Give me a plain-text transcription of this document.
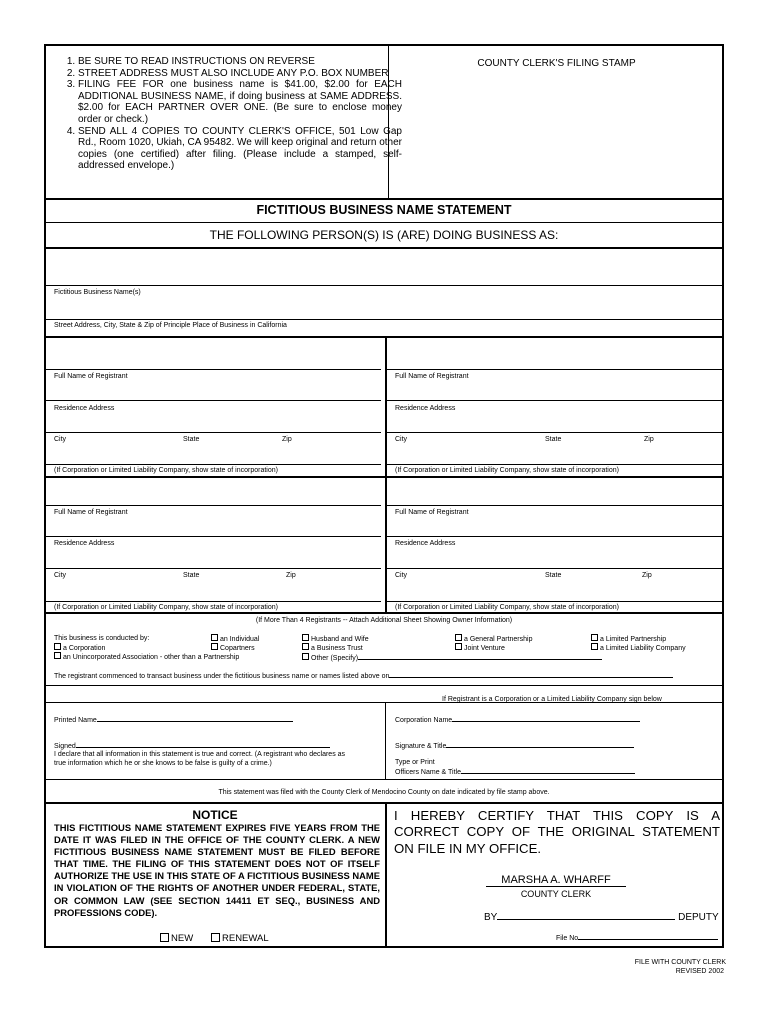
1. BE SURE TO READ INSTRUCTIONS ON REVERSE
2. STREET ADDRESS MUST ALSO INCLUDE ANY P.O. BOX NUMBER
3. FILING FEE FOR one business name is $41.00, $2.00 for EACH ADDITIONAL BUSINESS NAME, if doing business at SAME ADDRESS. $2.00 for EACH PARTNER OVER ONE. (Be sure to enclose money order or check.)
4. SEND ALL 4 COPIES TO COUNTY CLERK'S OFFICE, 501 Low Gap Rd., Room 1020, Ukiah, CA 95482. We will keep original and return other copies (one certified) after filing. (Please include a stamped, self-addressed envelope.)
COUNTY CLERK'S FILING STAMP
FICTITIOUS BUSINESS NAME STATEMENT
THE FOLLOWING PERSON(S) IS (ARE) DOING BUSINESS AS:
Fictitious Business Name(s)
Street Address, City, State & Zip of Principle Place of Business in California
Full Name of Registrant
Residence Address
City	State	Zip
(If Corporation or Limited Liability Company, show state of incorporation)
Full Name of Registrant
Residence Address
City	State	Zip
(If Corporation or Limited Liability Company, show state of incorporation)
Full Name of Registrant
Residence Address
City	State	Zip
(If Corporation or Limited Liability Company, show state of incorporation)
Full Name of Registrant
Residence Address
City	State	Zip
(If Corporation or Limited Liability Company, show state of incorporation)
(If More Than 4 Registrants -- Attach Additional Sheet Showing Owner Information)
This business is conducted by:
a Corporation
an Unincorporated Association - other than a Partnership
an Individual
Copartners
Husband and Wife
a Business Trust
Other (Specify)
a General Partnership
Joint Venture
a Limited Partnership
a Limited Liability Company
The registrant commenced to transact business under the fictitious business name or names listed above on
If Registrant is a Corporation or a Limited Liability Company sign below
Printed Name
Signed
I declare that all information in this statement is true and correct. (A registrant who declares as true information which he or she knows to be false is guilty of a crime.)
Corporation Name
Signature & Title
Type or Print
Officers Name & Title
This statement was filed with the County Clerk of Mendocino County on date indicated by file stamp above.
NOTICE
THIS FICTITIOUS NAME STATEMENT EXPIRES FIVE YEARS FROM THE DATE IT WAS FILED IN THE OFFICE OF THE COUNTY CLERK. A NEW FICTITIOUS BUSINESS NAME STATEMENT MUST BE FILED BEFORE THAT TIME. THE FILING OF THIS STATEMENT DOES NOT OF ITSELF AUTHORIZE THE USE IN THIS STATE OF A FICTITIOUS BUSINESS NAME IN VIOLATION OF THE RIGHTS OF ANOTHER UNDER FEDERAL, STATE, OR COMMON LAW (SEE SECTION 14411 ET SEQ., BUSINESS AND PROFESSIONS CODE).
NEW	RENEWAL
I HEREBY CERTIFY THAT THIS COPY IS A CORRECT COPY OF THE ORIGINAL STATEMENT ON FILE IN MY OFFICE.
MARSHA A. WHARFF
COUNTY CLERK
BY	DEPUTY
File No
FILE WITH COUNTY CLERK
REVISED 2002
